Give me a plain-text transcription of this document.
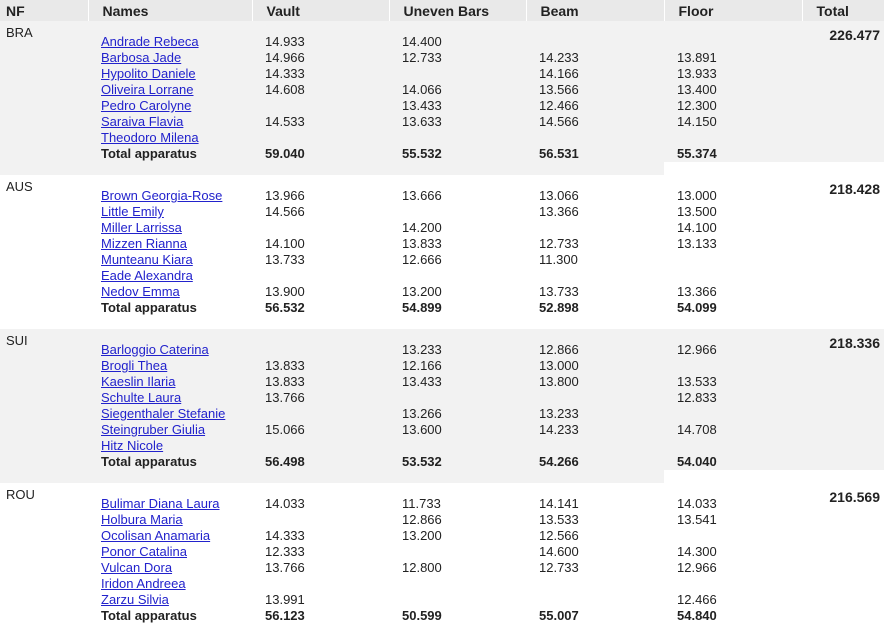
NF	Names	Vault	Uneven Bars	Beam	Floor	Total
BRA						226.477
	Andrade Rebeca	14.933	14.400			
	Barbosa Jade	14.966	12.733	14.233	13.891	
	Hypolito Daniele	14.333		14.166	13.933	
	Oliveira Lorrane	14.608	14.066	13.566	13.400	
	Pedro Carolyne		13.433	12.466	12.300	
	Saraiva Flavia	14.533	13.633	14.566	14.150	
	Theodoro Milena					
	Total apparatus	59.040	55.532	56.531	55.374	

AUS						218.428
	Brown Georgia-Rose	13.966	13.666	13.066	13.000	
	Little Emily	14.566		13.366	13.500	
	Miller Larrissa		14.200		14.100	
	Mizzen Rianna	14.100	13.833	12.733	13.133	
	Munteanu Kiara	13.733	12.666	11.300		
	Eade Alexandra					
	Nedov Emma	13.900	13.200	13.733	13.366	
	Total apparatus	56.532	54.899	52.898	54.099	

SUI						218.336
	Barloggio Caterina		13.233	12.866	12.966	
	Brogli Thea	13.833	12.166	13.000		
	Kaeslin Ilaria	13.833	13.433	13.800	13.533	
	Schulte Laura	13.766			12.833	
	Siegenthaler Stefanie		13.266	13.233		
	Steingruber Giulia	15.066	13.600	14.233	14.708	
	Hitz Nicole					
	Total apparatus	56.498	53.532	54.266	54.040	

ROU						216.569
	Bulimar Diana Laura	14.033	11.733	14.141	14.033	
	Holbura Maria		12.866	13.533	13.541	
	Ocolisan Anamaria	14.333	13.200	12.566		
	Ponor Catalina	12.333		14.600	14.300	
	Vulcan Dora	13.766	12.800	12.733	12.966	
	Iridon Andreea					
	Zarzu Silvia	13.991			12.466	
	Total apparatus	56.123	50.599	55.007	54.840	
